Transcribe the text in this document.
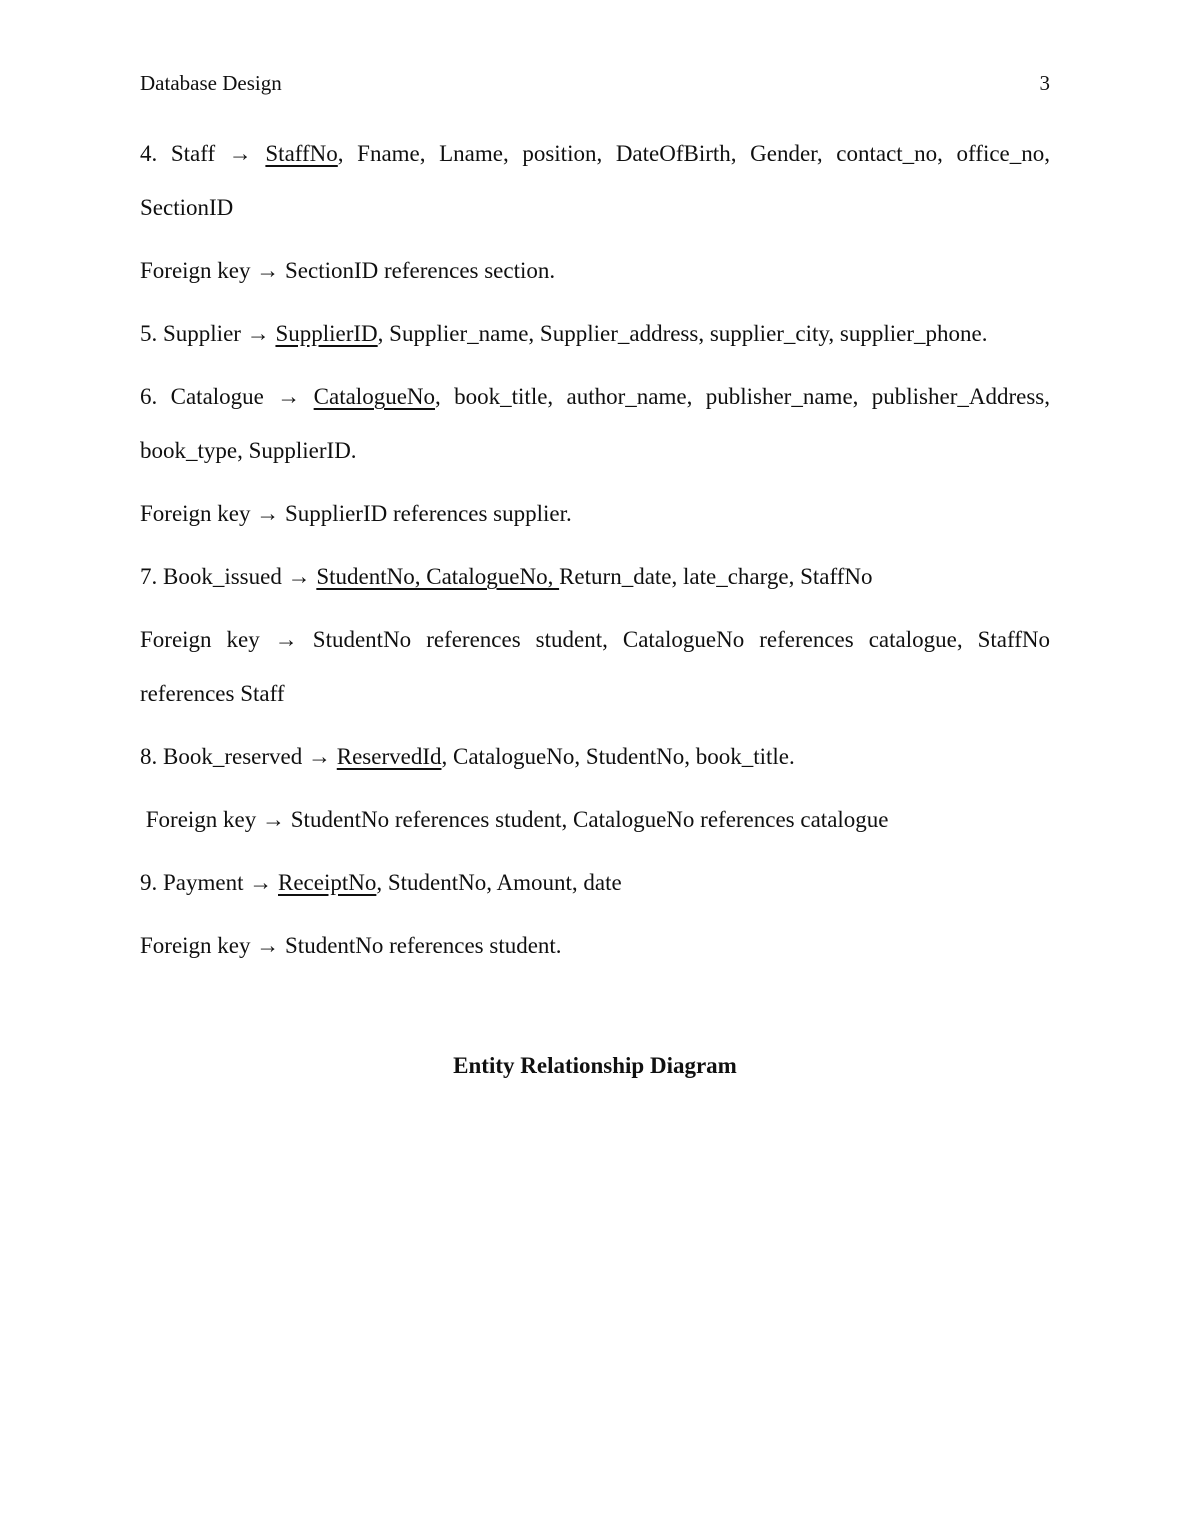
Database Design	3
4. Staff → StaffNo, Fname, Lname, position, DateOfBirth, Gender, contact_no, office_no,
SectionID
Foreign key → SectionID references section.
5. Supplier → SupplierID, Supplier_name, Supplier_address, supplier_city, supplier_phone.
6. Catalogue → CatalogueNo, book_title, author_name, publisher_name, publisher_Address,
book_type, SupplierID.
Foreign key → SupplierID references supplier.
7. Book_issued → StudentNo, CatalogueNo, Return_date, late_charge, StaffNo
Foreign key → StudentNo references student, CatalogueNo references catalogue, StaffNo
references Staff
8. Book_reserved → ReservedId, CatalogueNo, StudentNo, book_title.
Foreign key → StudentNo references student, CatalogueNo references catalogue
9. Payment → ReceiptNo, StudentNo, Amount, date
Foreign key → StudentNo references student.
Entity Relationship Diagram
